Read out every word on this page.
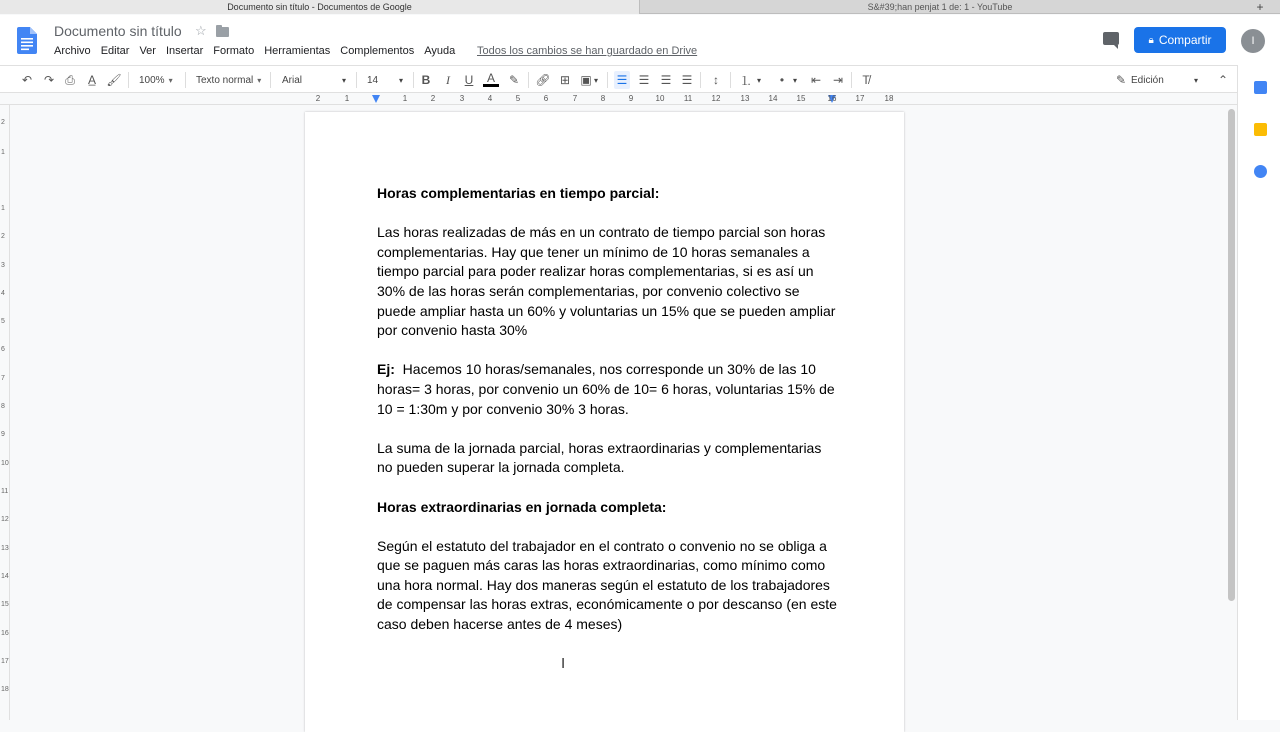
Documento sin título - Documentos de Google	S&#39;han penjat 1 de: 1 - YouTube	+
Documento sin título ☆
Archivo Editar Ver Insertar Formato Herramientas Complementos Ayuda Todos los cambios se han guardado en Drive
🔒︎ Compartir	I
↶ ↷ ⎙	A̲ 🖌︎ 100% ▾	Texto normal ▾	Arial	▾	14	▾	B	I	U	A	✎ 🔗︎ ⊞ ▣ ▾	☰ ☰ ☰ ☰	↕	⒈ ▾	•	▾	⇤ ⇥	T̸	✎ Edición	▾	⌃
2	1	1	2	3	4	5	6	7	8	9	10 11 12	13 14 15	16 17	18
2
1
1
2
3
4
5
6
7
8
9
10
11
12
13
14
15
16
17
18
Horas complementarias en tiempo parcial:
Las horas realizadas de más en un contrato de tiempo parcial son horas complementarias. Hay que tener un mínimo de 10 horas semanales a tiempo parcial para poder realizar horas complementarias, si es así un 30% de las horas serán complementarias, por convenio colectivo se puede ampliar hasta un 60% y voluntarias un 15% que se pueden ampliar por convenio hasta 30%
Ej:  Hacemos 10 horas/semanales, nos corresponde un 30% de las 10 horas= 3 horas, por convenio un 60% de 10= 6 horas, voluntarias 15% de 10 = 1:30m y por convenio 30% 3 horas.
La suma de la jornada parcial, horas extraordinarias y complementarias no pueden superar la jornada completa.
Horas extraordinarias en jornada completa:
Según el estatuto del trabajador en el contrato o convenio no se obliga a que se paguen más caras las horas extraordinarias, como mínimo como una hora normal. Hay dos maneras según el estatuto de los trabajadores de compensar las horas extras, económicamente o por descanso (en este caso deben hacerse antes de 4 meses)
I
